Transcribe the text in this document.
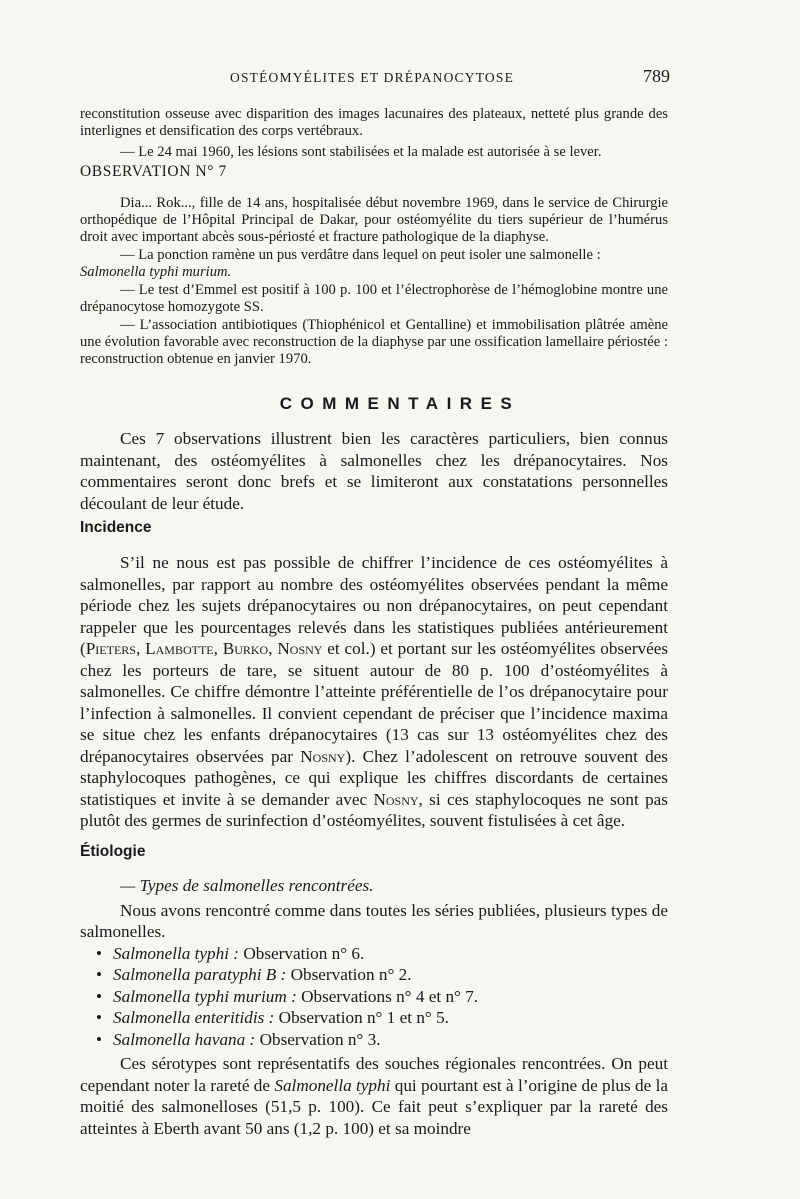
OSTÉOMYÉLITES ET DRÉPANOCYTOSE	789

reconstitution osseuse avec disparition des images lacunaires des plateaux, netteté plus grande des interlignes et densification des corps vertébraux.

— Le 24 mai 1960, les lésions sont stabilisées et la malade est autorisée à se lever.

OBSERVATION N° 7

Dia... Rok..., fille de 14 ans, hospitalisée début novembre 1969, dans le service de Chirurgie orthopédique de l’Hôpital Principal de Dakar, pour ostéomyélite du tiers supérieur de l’humérus droit avec important abcès sous-périosté et fracture pathologique de la diaphyse.

— La ponction ramène un pus verdâtre dans lequel on peut isoler une salmonelle :
Salmonella typhi murium.

— Le test d’Emmel est positif à 100 p. 100 et l’électrophorèse de l’hémoglobine montre une drépanocytose homozygote SS.

— L’association antibiotiques (Thiophénicol et Gentalline) et immobilisation plâtrée amène une évolution favorable avec reconstruction de la diaphyse par une ossification lamellaire périostée : reconstruction obtenue en janvier 1970.

COMMENTAIRES

Ces 7 observations illustrent bien les caractères particuliers, bien connus maintenant, des ostéomyélites à salmonelles chez les drépanocytaires. Nos commentaires seront donc brefs et se limiteront aux constatations personnelles découlant de leur étude.

Incidence

S’il ne nous est pas possible de chiffrer l’incidence de ces ostéomyélites à salmonelles, par rapport au nombre des ostéomyélites observées pendant la même période chez les sujets drépanocytaires ou non drépanocytaires, on peut cependant rappeler que les pourcentages relevés dans les statistiques publiées antérieurement (Pieters, Lambotte, Burko, Nosny et col.) et portant sur les ostéomyélites observées chez les porteurs de tare, se situent autour de 80 p. 100 d’ostéomyélites à salmonelles. Ce chiffre démontre l’atteinte préférentielle de l’os drépanocytaire pour l’infection à salmonelles. Il convient cependant de préciser que l’incidence maxima se situe chez les enfants drépanocytaires (13 cas sur 13 ostéomyélites chez des drépanocytaires observées par Nosny). Chez l’adolescent on retrouve souvent des staphylocoques pathogènes, ce qui explique les chiffres discordants de certaines statistiques et invite à se demander avec Nosny, si ces staphylocoques ne sont pas plutôt des germes de surinfection d’ostéomyélites, souvent fistulisées à cet âge.

Étiologie

— Types de salmonelles rencontrées.

Nous avons rencontré comme dans toutes les séries publiées, plusieurs types de salmonelles.

• Salmonella typhi : Observation n° 6.
• Salmonella paratyphi B : Observation n° 2.
• Salmonella typhi murium : Observations n° 4 et n° 7.
• Salmonella enteritidis : Observation n° 1 et n° 5.
• Salmonella havana : Observation n° 3.

Ces sérotypes sont représentatifs des souches régionales rencontrées. On peut cependant noter la rareté de Salmonella typhi qui pourtant est à l’origine de plus de la moitié des salmonelloses (51,5 p. 100). Ce fait peut s’expliquer par la rareté des atteintes à Eberth avant 50 ans (1,2 p. 100) et sa moindre
